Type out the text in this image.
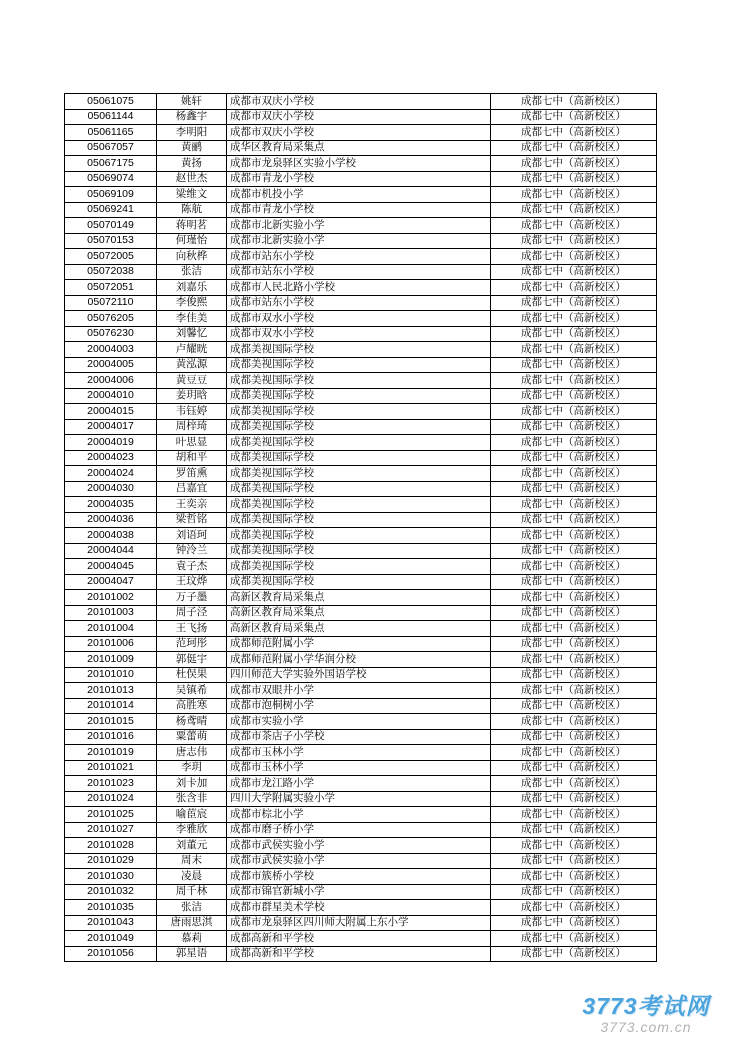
05061075	姚轩	成都市双庆小学校	成都七中（高新校区）
05061144	杨鑫宇	成都市双庆小学校	成都七中（高新校区）
05061165	李明阳	成都市双庆小学校	成都七中（高新校区）
05067057	黄鹂	成华区教育局采集点	成都七中（高新校区）
05067175	黄扬	成都市龙泉驿区实验小学校	成都七中（高新校区）
05069074	赵世杰	成都市青龙小学校	成都七中（高新校区）
05069109	梁维文	成都市机投小学	成都七中（高新校区）
05069241	陈航	成都市青龙小学校	成都七中（高新校区）
05070149	蒋明茗	成都市北新实验小学	成都七中（高新校区）
05070153	何瑾怡	成都市北新实验小学	成都七中（高新校区）
05072005	向秋桦	成都市站东小学校	成都七中（高新校区）
05072038	张洁	成都市站东小学校	成都七中（高新校区）
05072051	刘嘉乐	成都市人民北路小学校	成都七中（高新校区）
05072110	李俊熙	成都市站东小学校	成都七中（高新校区）
05076205	李佳美	成都市双水小学校	成都七中（高新校区）
05076230	刘馨忆	成都市双水小学校	成都七中（高新校区）
20004003	卢耀晄	成都美视国际学校	成都七中（高新校区）
20004005	黄泓源	成都美视国际学校	成都七中（高新校区）
20004006	黄豆豆	成都美视国际学校	成都七中（高新校区）
20004010	姜玥晗	成都美视国际学校	成都七中（高新校区）
20004015	韦钰婷	成都美视国际学校	成都七中（高新校区）
20004017	周梓琦	成都美视国际学校	成都七中（高新校区）
20004019	叶思显	成都美视国际学校	成都七中（高新校区）
20004023	胡和平	成都美视国际学校	成都七中（高新校区）
20004024	罗笛熏	成都美视国际学校	成都七中（高新校区）
20004030	吕嘉宜	成都美视国际学校	成都七中（高新校区）
20004035	王奕亲	成都美视国际学校	成都七中（高新校区）
20004036	梁哲铭	成都美视国际学校	成都七中（高新校区）
20004038	刘语珂	成都美视国际学校	成都七中（高新校区）
20004044	钟泠兰	成都美视国际学校	成都七中（高新校区）
20004045	袁子杰	成都美视国际学校	成都七中（高新校区）
20004047	王玟烨	成都美视国际学校	成都七中（高新校区）
20101002	万子墨	高新区教育局采集点	成都七中（高新校区）
20101003	周子泾	高新区教育局采集点	成都七中（高新校区）
20101004	王飞扬	高新区教育局采集点	成都七中（高新校区）
20101006	范珂彤	成都师范附属小学	成都七中（高新校区）
20101009	郭侹宇	成都师范附属小学华润分校	成都七中（高新校区）
20101010	杜俣果	四川师范大学实验外国语学校	成都七中（高新校区）
20101013	吴镇希	成都市双眼井小学	成都七中（高新校区）
20101014	高胜寒	成都市泡桐树小学	成都七中（高新校区）
20101015	杨鸢晴	成都市实验小学	成都七中（高新校区）
20101016	粟蕾萌	成都市茶店子小学校	成都七中（高新校区）
20101019	唐志伟	成都市玉林小学	成都七中（高新校区）
20101021	李玥	成都市玉林小学	成都七中（高新校区）
20101023	刘卡加	成都市龙江路小学	成都七中（高新校区）
20101024	张含非	四川大学附属实验小学	成都七中（高新校区）
20101025	喻茞宸	成都市棕北小学	成都七中（高新校区）
20101027	李雅欣	成都市磨子桥小学	成都七中（高新校区）
20101028	刘董元	成都市武侯实验小学	成都七中（高新校区）
20101029	周末	成都市武侯实验小学	成都七中（高新校区）
20101030	凌晨	成都市簇桥小学校	成都七中（高新校区）
20101032	周千林	成都市锦官新城小学	成都七中（高新校区）
20101035	张洁	成都市群星美术学校	成都七中（高新校区）
20101043	唐雨思淇	成都市龙泉驿区四川师大附属上东小学	成都七中（高新校区）
20101049	慕莉	成都高新和平学校	成都七中（高新校区）
20101056	郭星语	成都高新和平学校	成都七中（高新校区）
3773考试网
3773.com.cn
